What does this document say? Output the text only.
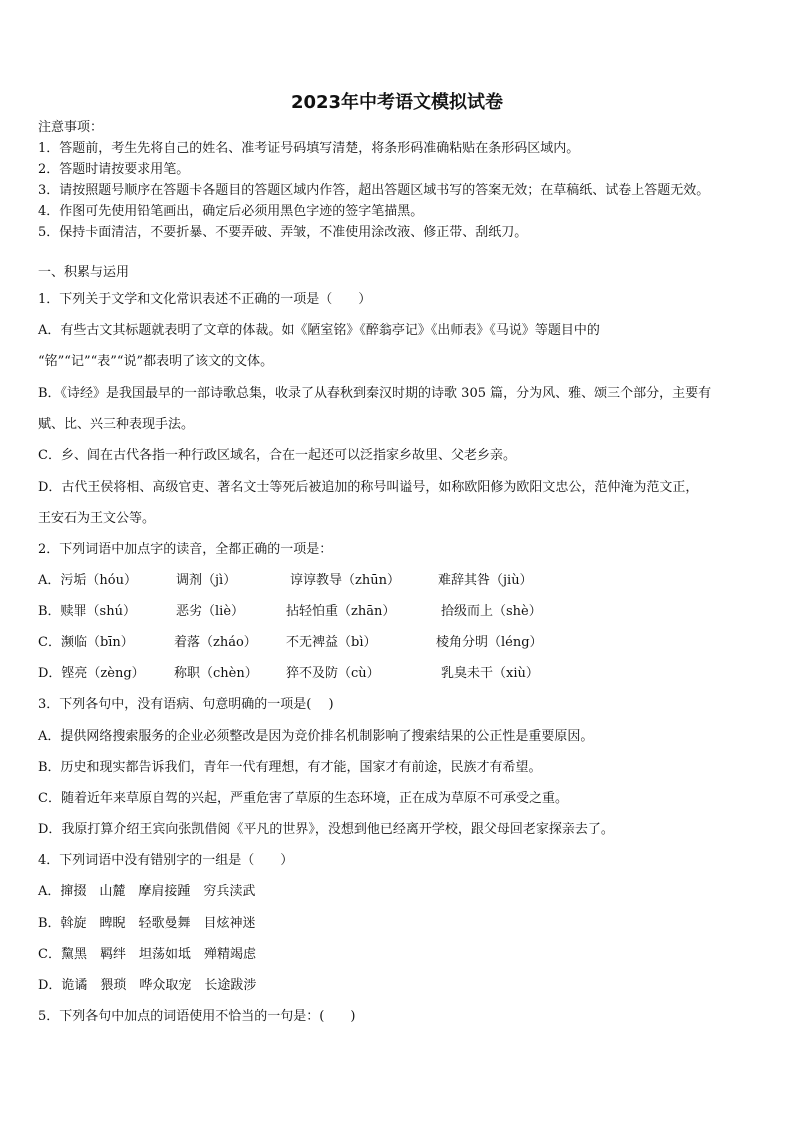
2023年中考语文模拟试卷
注意事项：
1．答题前，考生先将自己的姓名、准考证号码填写清楚，将条形码准确粘贴在条形码区域内。
2．答题时请按要求用笔。
3．请按照题号顺序在答题卡各题目的答题区域内作答，超出答题区域书写的答案无效；在草稿纸、试卷上答题无效。
4．作图可先使用铅笔画出，确定后必须用黑色字迹的签字笔描黑。
5．保持卡面清洁，不要折暴、不要弄破、弄皱，不准使用涂改液、修正带、刮纸刀。
一、积累与运用
1．下列关于文学和文化常识表述不正确的一项是（　　）
A．有些古文其标题就表明了文章的体裁。如《陋室铭》《醉翁亭记》《出师表》《马说》等题目中的
“铭”“记”“表”“说”都表明了该文的文体。
B．《诗经》是我国最早的一部诗歌总集，收录了从春秋到秦汉时期的诗歌 305 篇，分为风、雅、颂三个部分，主要有
赋、比、兴三种表现手法。
C．乡、闾在古代各指一种行政区域名，合在一起还可以泛指家乡故里、父老乡亲。
D．古代王侯将相、高级官吏、著名文士等死后被追加的称号叫谥号，如称欧阳修为欧阳文忠公，范仲淹为范文正，
王安石为王文公等。
2．下列词语中加点字的读音，全都正确的一项是：
A．污垢（hóu）	调剂（jì）	谆谆教导（zhūn）	难辞其咎（jiù）
B．赎罪（shú）	恶劣（liè）	拈轻怕重（zhān）	拾级而上（shè）
C．濒临（bīn）	着落（zháo） 不无裨益（bì）	棱角分明（léng）
D．铿亮（zèng） 称职（chèn） 猝不及防（cù）	乳臭未干（xiù）
3．下列各句中，没有语病、句意明确的一项是(　 )
A．提供网络搜索服务的企业必须整改是因为竞价排名机制影响了搜索结果的公正性是重要原因。
B．历史和现实都告诉我们，青年一代有理想，有才能，国家才有前途，民族才有希望。
C．随着近年来草原自驾的兴起，严重危害了草原的生态环境，正在成为草原不可承受之重。
D．我原打算介绍王宾向张凯借阅《平凡的世界》，没想到他已经离开学校，跟父母回老家探亲去了。
4．下列词语中没有错别字的一组是（　　）
A．撺掇　山麓　摩肩接踵　穷兵渎武
B．斡旋　睥睨　轻歌曼舞　目炫神迷
C．黧黑　羁绊　坦荡如坻　殚精竭虑
D．诡谲　猥琐　哗众取宠　长途跋涉
5．下列各句中加点的词语使用不恰当的一句是：(　　)
